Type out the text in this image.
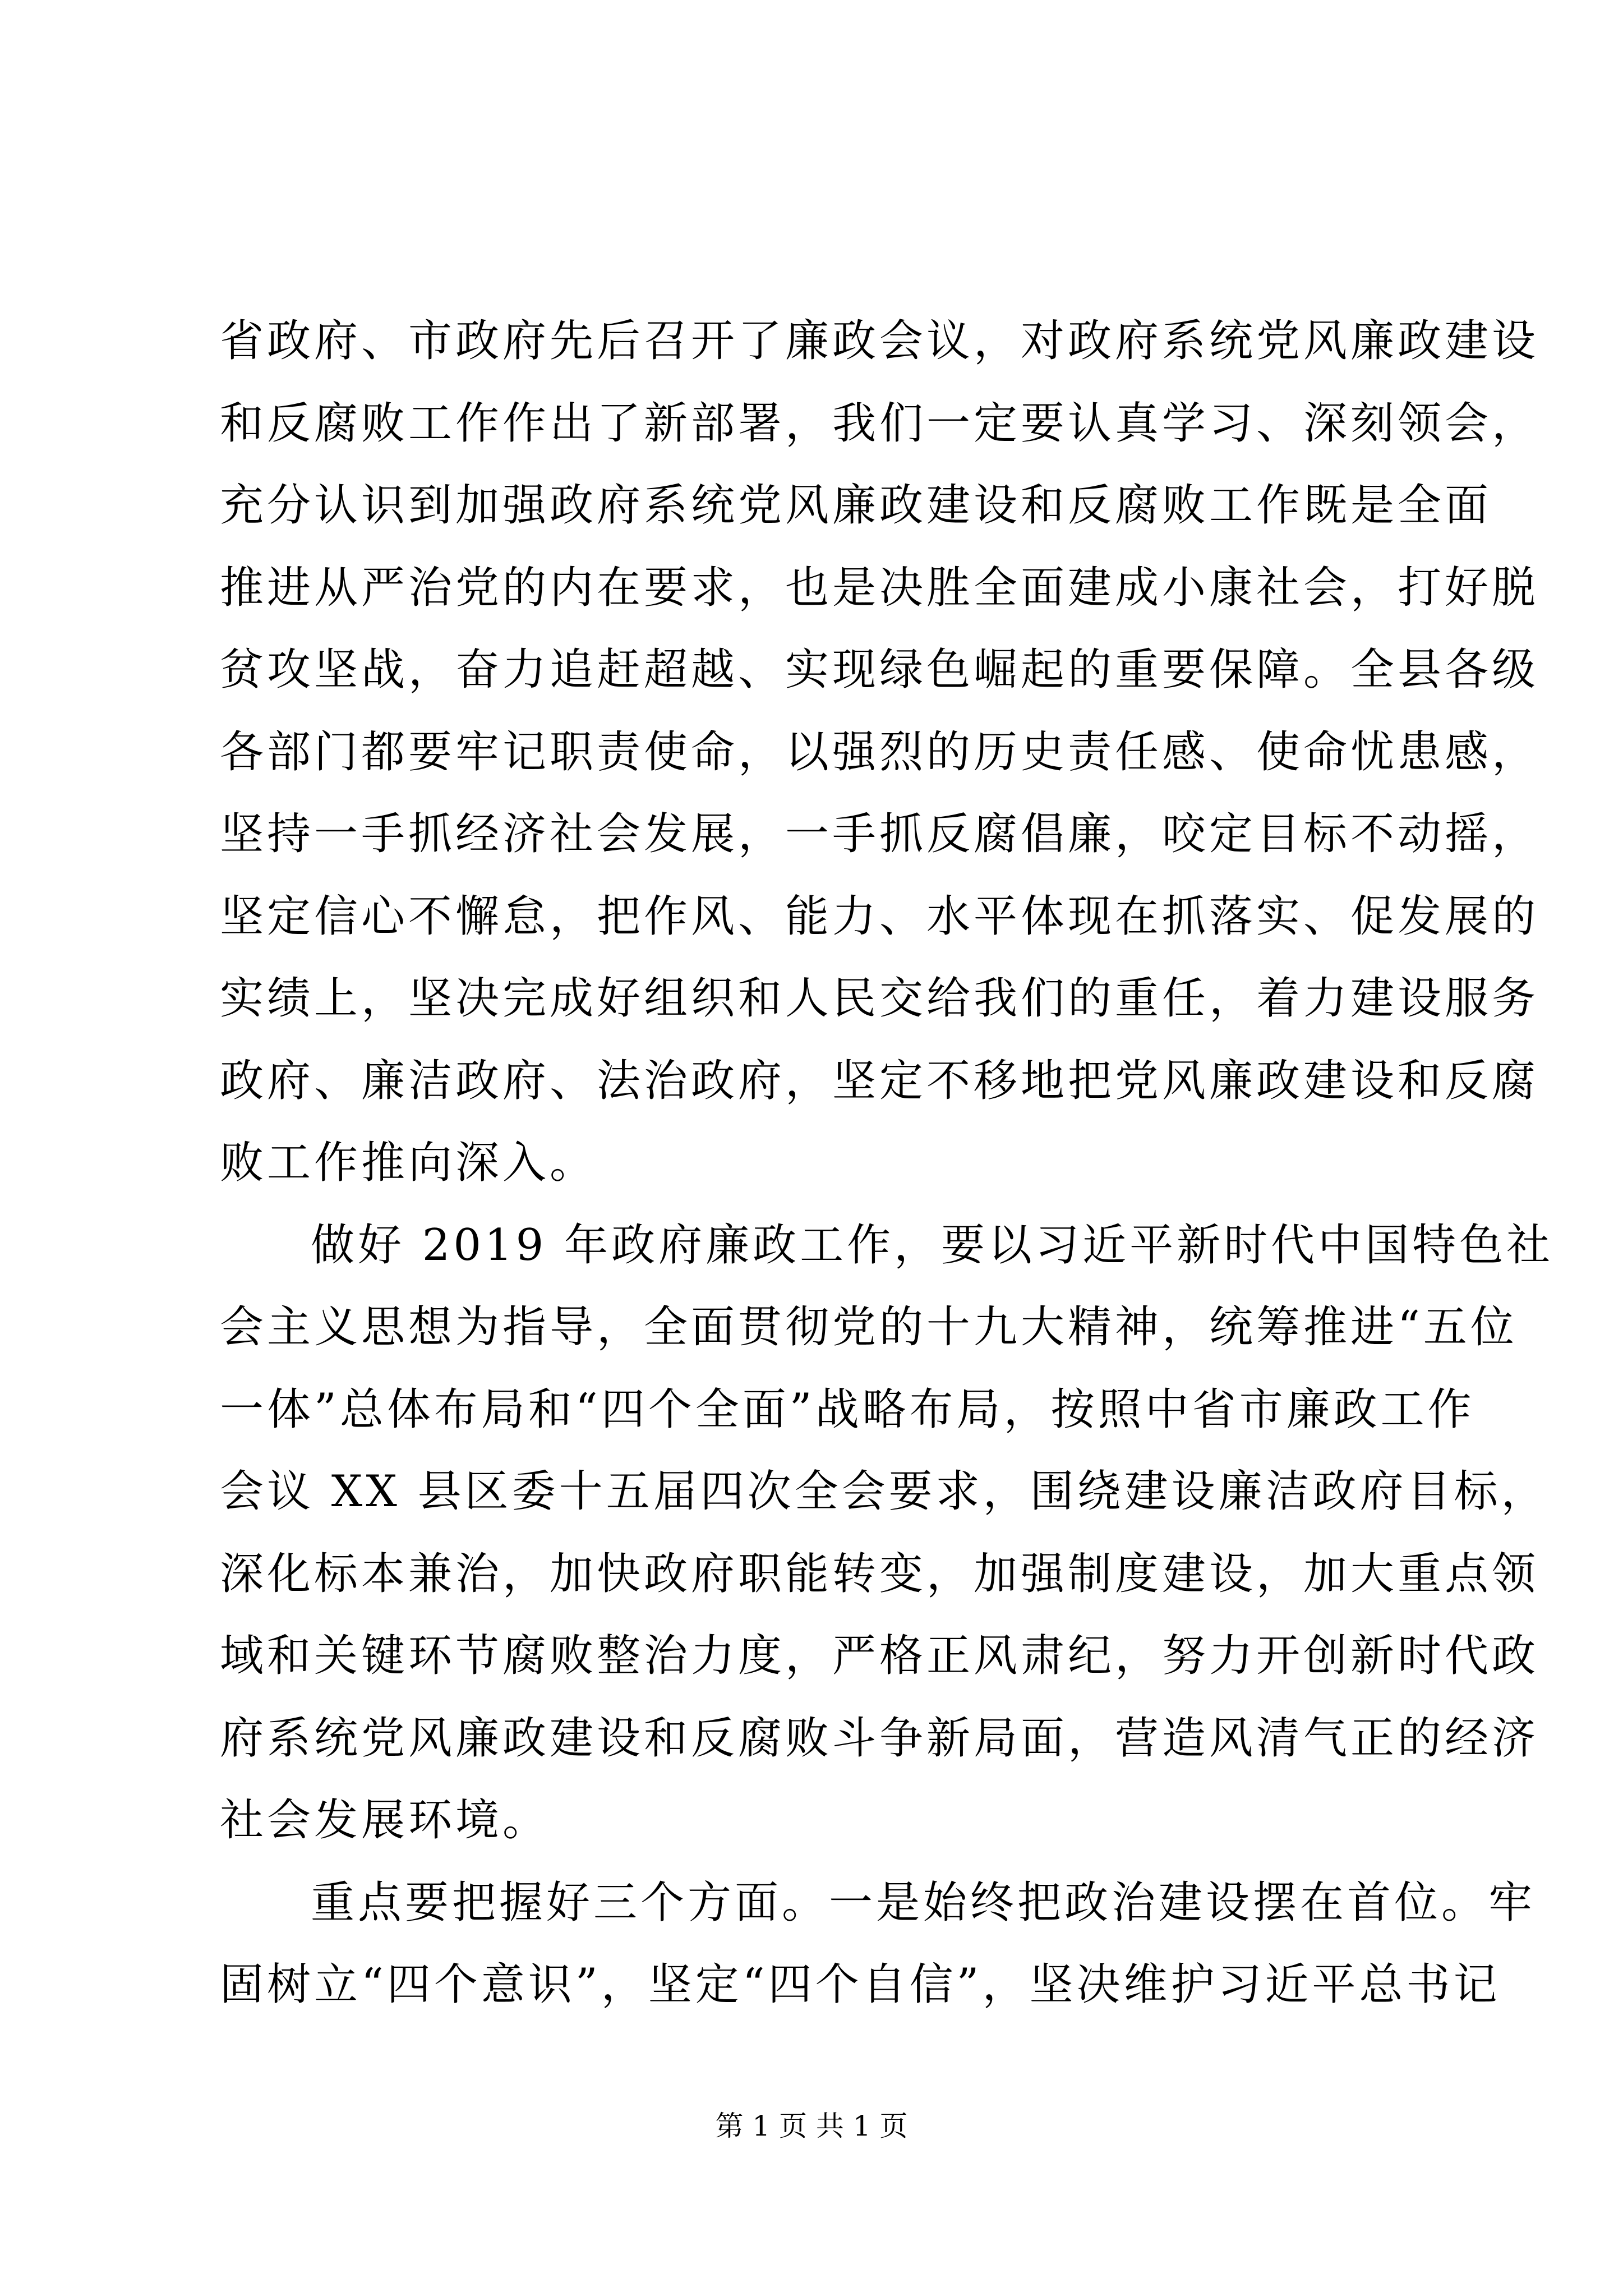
省政府、市政府先后召开了廉政会议，对政府系统党风廉政建设
和反腐败工作作出了新部署，我们一定要认真学习、深刻领会，
充分认识到加强政府系统党风廉政建设和反腐败工作既是全面
推进从严治党的内在要求，也是决胜全面建成小康社会，打好脱
贫攻坚战，奋力追赶超越、实现绿色崛起的重要保障。全县各级
各部门都要牢记职责使命，以强烈的历史责任感、使命忧患感，
坚持一手抓经济社会发展，一手抓反腐倡廉，咬定目标不动摇，
坚定信心不懈怠，把作风、能力、水平体现在抓落实、促发展的
实绩上，坚决完成好组织和人民交给我们的重任，着力建设服务
政府、廉洁政府、法治政府，坚定不移地把党风廉政建设和反腐
败工作推向深入。
做好 2019 年政府廉政工作，要以习近平新时代中国特色社
会主义思想为指导，全面贯彻党的十九大精神，统筹推进“五位
一体”总体布局和“四个全面”战略布局，按照中省市廉政工作
会议 XX 县区委十五届四次全会要求，围绕建设廉洁政府目标，
深化标本兼治，加快政府职能转变，加强制度建设，加大重点领
域和关键环节腐败整治力度，严格正风肃纪，努力开创新时代政
府系统党风廉政建设和反腐败斗争新局面，营造风清气正的经济
社会发展环境。
重点要把握好三个方面。一是始终把政治建设摆在首位。牢
固树立“四个意识”，坚定“四个自信”，坚决维护习近平总书记
第 1 页 共 1 页
